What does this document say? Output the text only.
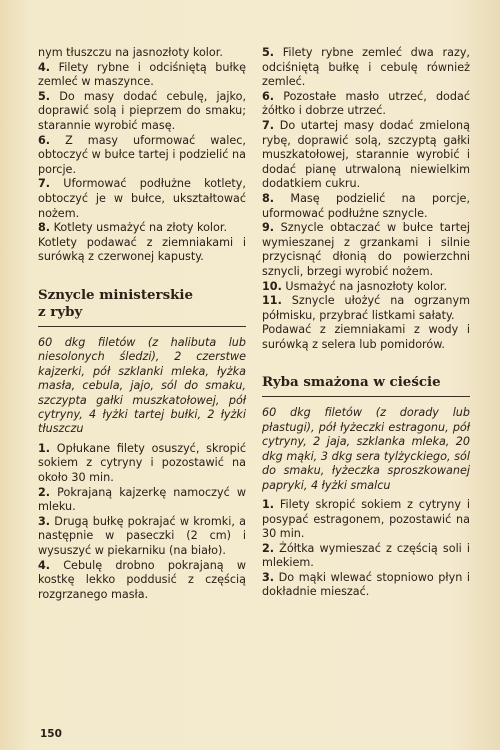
nym tłuszczu na jasnozłoty kolor.

4. Filety rybne i odciśniętą bułkę zemleć w maszynce.

5. Do masy dodać cebulę, jajko, doprawić solą i pieprzem do smaku; starannie wyrobić masę.

6. Z masy uformować walec, obtoczyć w bułce tartej i podzielić na porcje.

7. Uformować podłużne kotlety, obtoczyć je w bułce, ukształtować nożem.

8. Kotlety usmażyć na złoty kolor.

Kotlety podawać z ziemniakami i surówką z czerwonej kapusty.

Sznycle ministerskie
z ryby

60 dkg filetów (z halibuta lub niesolonych śledzi), 2 czerstwe kajzerki, pół szklanki mleka, łyżka masła, cebula, jajo, sól do smaku, szczypta gałki muszkatołowej, pół cytryny, 4 łyżki tartej bułki, 2 łyżki tłuszczu

1. Opłukane filety osuszyć, skropić sokiem z cytryny i pozostawić na około 30 min.

2. Pokrajaną kajzerkę namoczyć w mleku.

3. Drugą bułkę pokrajać w kromki, a następnie w paseczki (2 cm) i wysuszyć w piekarniku (na biało).

4. Cebulę drobno pokrajaną w kostkę lekko poddusić z częścią rozgrzanego masła.

5. Filety rybne zemleć dwa razy, odciśniętą bułkę i cebulę również zemleć.

6. Pozostałe masło utrzeć, dodać żółtko i dobrze utrzeć.

7. Do utartej masy dodać zmieloną rybę, doprawić solą, szczyptą gałki muszkatołowej, starannie wyrobić i dodać pianę utrwaloną niewielkim dodatkiem cukru.

8. Masę podzielić na porcje, uformować podłużne sznycle.

9. Sznycle obtaczać w bułce tartej wymieszanej z grzankami i silnie przycisnąć dłonią do powierzchni sznycli, brzegi wyrobić nożem.

10. Usmażyć na jasnozłoty kolor.

11. Sznycle ułożyć na ogrzanym półmisku, przybrać listkami sałaty.

Podawać z ziemniakami z wody i surówką z selera lub pomidorów.

Ryba smażona w cieście

60 dkg filetów (z dorady lub płastugi), pół łyżeczki estragonu, pół cytryny, 2 jaja, szklanka mleka, 20 dkg mąki, 3 dkg sera tylżyckiego, sól do smaku, łyżeczka sproszkowanej papryki, 4 łyżki smalcu

1. Filety skropić sokiem z cytryny i posypać estragonem, pozostawić na 30 min.

2. Żółtka wymieszać z częścią soli i mlekiem.

3. Do mąki wlewać stopniowo płyn i dokładnie mieszać.

150
